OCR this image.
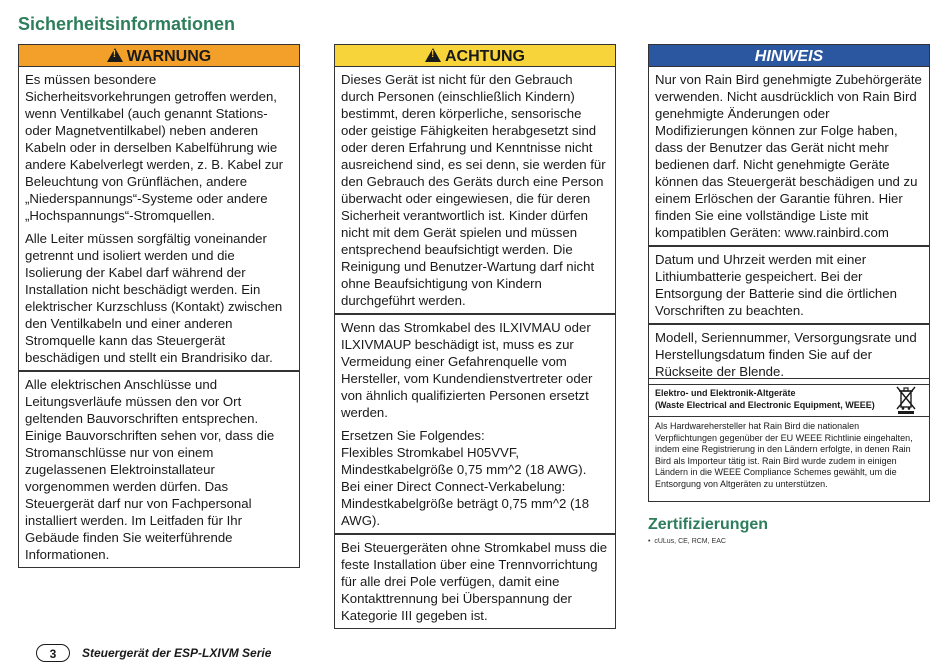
Sicherheitsinformationen
!WARNUNG

Es müssen besondere Sicherheitsvorkehrungen getroffen werden, wenn Ventilkabel (auch genannt Stations- oder Magnetventilkabel) neben anderen Kabeln oder in derselben Kabelführung wie andere Kabelverlegt werden, z. B. Kabel zur Beleuchtung von Grünflächen, andere „Niederspannungs“-Systeme oder andere „Hochspannungs“-Stromquellen.

Alle Leiter müssen sorgfältig voneinander getrennt und isoliert werden und die Isolierung der Kabel darf während der Installation nicht beschädigt werden. Ein elektrischer Kurzschluss (Kontakt) zwischen den Ventilkabeln und einer anderen Stromquelle kann das Steuergerät beschädigen und stellt ein Brandrisiko dar.

Alle elektrischen Anschlüsse und Leitungsverläufe müssen den vor Ort geltenden Bauvorschriften entsprechen. Einige Bauvorschriften sehen vor, dass die Stromanschlüsse nur von einem zugelassenen Elektroinstallateur vorgenommen werden dürfen. Das Steuergerät darf nur von Fachpersonal installiert werden. Im Leitfaden für Ihr Gebäude finden Sie weiterführende Informationen.

!ACHTUNG

Dieses Gerät ist nicht für den Gebrauch durch Personen (einschließlich Kindern) bestimmt, deren körperliche, sensorische oder geistige Fähigkeiten herabgesetzt sind oder deren Erfahrung und Kenntnisse nicht ausreichend sind, es sei denn, sie werden für den Gebrauch des Geräts durch eine Person überwacht oder eingewiesen, die für deren Sicherheit verantwortlich ist. Kinder dürfen nicht mit dem Gerät spielen und müssen entsprechend beaufsichtigt werden. Die Reinigung und Benutzer-Wartung darf nicht ohne Beaufsichtigung von Kindern durchgeführt werden.

Wenn das Stromkabel des ILXIVMAU oder ILXIVMAUP beschädigt ist, muss es zur Vermeidung einer Gefahrenquelle vom Hersteller, vom Kundendienstvertreter oder von ähnlich qualifizierten Personen ersetzt werden.

Ersetzen Sie Folgendes:

Flexibles Stromkabel H05VVF, Mindestkabelgröße 0,75 mm^2 (18 AWG).

Bei einer Direct Connect-Verkabelung: Mindestkabelgröße beträgt 0,75 mm^2 (18 AWG).

Bei Steuergeräten ohne Stromkabel muss die feste Installation über eine Trennvorrichtung für alle drei Pole verfügen, damit eine Kontakttrennung bei Überspannung der Kategorie III gegeben ist.

HINWEIS

Nur von Rain Bird genehmigte Zubehörgeräte verwenden. Nicht ausdrücklich von Rain Bird genehmigte Änderungen oder Modifizierungen können zur Folge haben, dass der Benutzer das Gerät nicht mehr bedienen darf. Nicht genehmigte Geräte können das Steuergerät beschädigen und zu einem Erlöschen der Garantie führen. Hier finden Sie eine vollständige Liste mit kompatiblen Geräten: www.rainbird.com

Datum und Uhrzeit werden mit einer Lithiumbatterie gespeichert. Bei der Entsorgung der Batterie sind die örtlichen Vorschriften zu beachten.

Modell, Seriennummer, Versorgungsrate und Herstellungsdatum finden Sie auf der Rückseite der Blende.

Elektro- und Elektronik-Altgeräte
(Waste Electrical and Electronic Equipment, WEEE)
Als Hardwarehersteller hat Rain Bird die nationalen Verpflichtungen gegenüber der EU WEEE Richtlinie eingehalten, indem eine Registrierung in den Ländern erfolgte, in denen Rain Bird als Importeur tätig ist. Rain Bird wurde zudem in einigen Ländern in die WEEE Compliance Schemes gewählt, um die Entsorgung von Altgeräten zu unterstützen.
Zertifizierungen
•  cULus, CE, RCM, EAC
3	Steuergerät der ESP-LXIVM Serie
